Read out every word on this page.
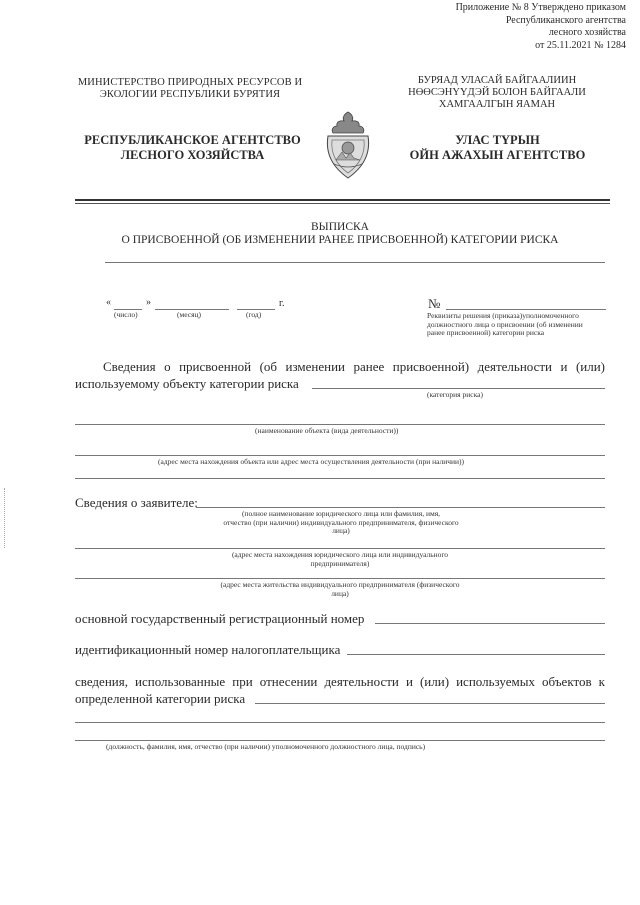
Приложение № 8 Утверждено приказом
Республиканского агентства
лесного хозяйства
от 25.11.2021 № 1284
МИНИСТЕРСТВО ПРИРОДНЫХ РЕСУРСОВ И
ЭКОЛОГИИ РЕСПУБЛИКИ БУРЯТИЯ
БУРЯАД УЛАСАЙ БАЙГААЛИИН
НӨӨСЭНҮҮДЭЙ БОЛОН БАЙГААЛИ
ХАМГААЛГЫН ЯАМАН
РЕСПУБЛИКАНСКОЕ АГЕНТСТВО
ЛЕСНОГО ХОЗЯЙСТВА
УЛАС ТҮРЫН
ОЙН АЖАХЫН АГЕНТСТВО
ВЫПИСКА
О ПРИСВОЕННОЙ (ОБ ИЗМЕНЕНИИ РАНЕЕ ПРИСВОЕННОЙ) КАТЕГОРИИ РИСКА
«	»	г.
(число)	(месяц)	(год)
№
Реквизиты решения (приказа)уполномоченного
должностного лица о присвоении (об изменении
ранее присвоенной) категории риска
Сведения о присвоенной (об изменении ранее присвоенной) деятельности и (или)
используемому объекту категории риска
(категория риска)
(наименование объекта (вида деятельности))
(адрес места нахождения объекта или адрес места осуществления деятельности (при наличии))
Сведения о заявителе:
(полное наименование юридического лица или фамилия, имя,
отчество (при наличии) индивидуального предпринимателя, физического
лица)
(адрес места нахождения юридического лица или индивидуального
предпринимателя)
(адрес места жительства индивидуального предпринимателя (физического
лица)
основной государственный регистрационный номер
идентификационный номер налогоплательщика
сведения, использованные при отнесении деятельности и (или) используемых объектов к
определенной категории риска
(должность, фамилия, имя, отчество (при наличии) уполномоченного должностного лица, подпись)
